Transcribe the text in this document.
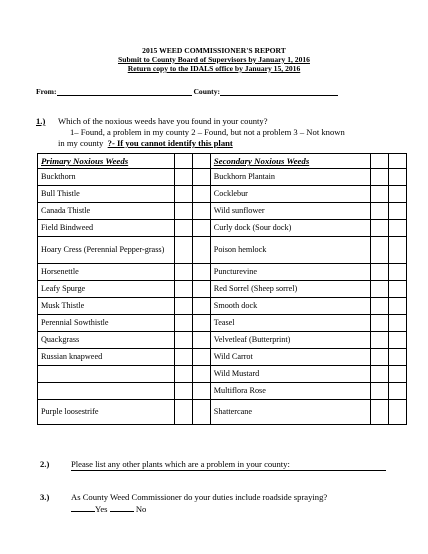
2015 WEED COMMISSIONER'S REPORT
Submit to County Board of Supervisors by January 1, 2016
Return copy to the IDALS office by January 15, 2016
From:	County:
1.) Which of the noxious weeds have you found in your county?
1– Found, a problem in my county 2 – Found, but not a problem 3 – Not known
in my county  ?- If you cannot identify this plant
Primary Noxious Weeds			Secondary Noxious Weeds		
Buckthorn			Buckhorn Plantain		
Bull Thistle			Cocklebur		
Canada Thistle			Wild sunflower		
Field Bindweed			Curly dock (Sour dock)		
Hoary Cress (Perennial Pepper-grass)			Poison hemlock		
Horsenettle			Puncturevine		
Leafy Spurge			Red Sorrel (Sheep sorrel)		
Musk Thistle			Smooth dock		
Perennial Sowthistle			Teasel		
Quackgrass			Velvetleaf (Butterprint)		
Russian knapweed			Wild Carrot		
			Wild Mustard		
			Multiflora Rose		
Purple loosestrife			Shattercane		
2.)	Please list any other plants which are a problem in your county:
3.)	As County Weed Commissioner do your duties include roadside spraying?
Yes	No
